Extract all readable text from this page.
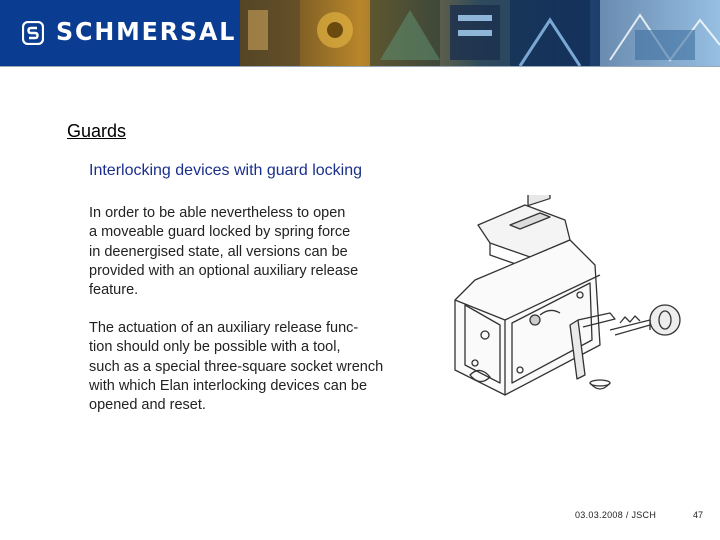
SCHMERSAL
Guards
Interlocking devices with guard locking
In order to be able nevertheless to open
a moveable guard locked by spring force
in deenergised state, all versions can be
provided with an optional auxiliary release
feature.
The actuation of an auxiliary release func-
tion should only be possible with a tool,
such as a special three-square socket wrench
with which Elan interlocking devices can be
opened and reset.
03.03.2008 / JSCH	47
